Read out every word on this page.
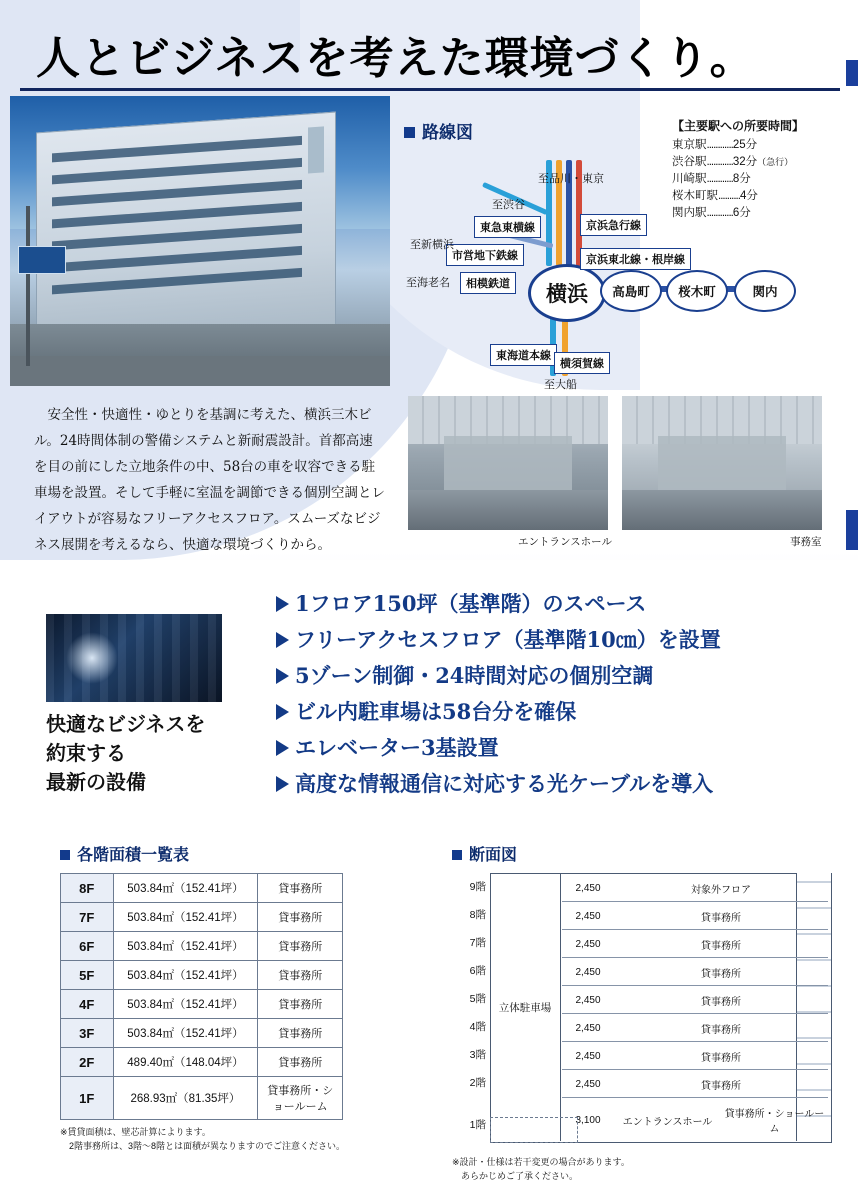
人とビジネスを考えた環境づくり。
路線図	【主要駅への所要時間】
東京駅............25分
渋谷駅............32分（急行）
川崎駅............8分
桜木町駅..........4分
関内駅............6分
横浜	高島町	桜木町	関内
東急東横線
市営地下鉄線
相模鉄道
京浜急行線
京浜東北線・根岸線
東海道本線
横須賀線
至渋谷
至品川・東京
至新横浜
至海老名
至大船
　安全性・快適性・ゆとりを基調に考えた、横浜三木ビル。24時間体制の警備システムと新耐震設計。首都高速を目の前にした立地条件の中、58台の車を収容できる駐車場を設置。そして手軽に室温を調節できる個別空調とレイアウトが容易なフリーアクセスフロア。スムーズなビジネス展開を考えるなら、快適な環境づくりから。	エントランスホール	事務室
快適なビジネスを
約束する
最新の設備
1フロア150坪（基準階）のスペース
フリーアクセスフロア（基準階10㎝）を設置
5ゾーン制御・24時間対応の個別空調
ビル内駐車場は58台分を確保
エレベーター3基設置
高度な情報通信に対応する光ケーブルを導入
各階面積一覧表
8F	503.84㎡（152.41坪）	貸事務所
7F	503.84㎡（152.41坪）	貸事務所
6F	503.84㎡（152.41坪）	貸事務所
5F	503.84㎡（152.41坪）	貸事務所
4F	503.84㎡（152.41坪）	貸事務所
3F	503.84㎡（152.41坪）	貸事務所
2F	489.40㎡（148.04坪）	貸事務所
1F	268.93㎡（81.35坪）	貸事務所・ショールーム
※賃貸面積は、壁芯計算によります。
　2階事務所は、3階〜8階とは面積が異なりますのでご注意ください。
断面図
立体駐車場
9階	2,450	対象外フロア
8階	2,450	貸事務所
7階	2,450	貸事務所
6階	2,450	貸事務所
5階	2,450	貸事務所
4階	2,450	貸事務所
3階	2,450	貸事務所
2階	2,450	貸事務所
1階	3,100	エントランスホール
貸事務所・ショールーム
※設計・仕様は若干変更の場合があります。
　あらかじめご了承ください。
